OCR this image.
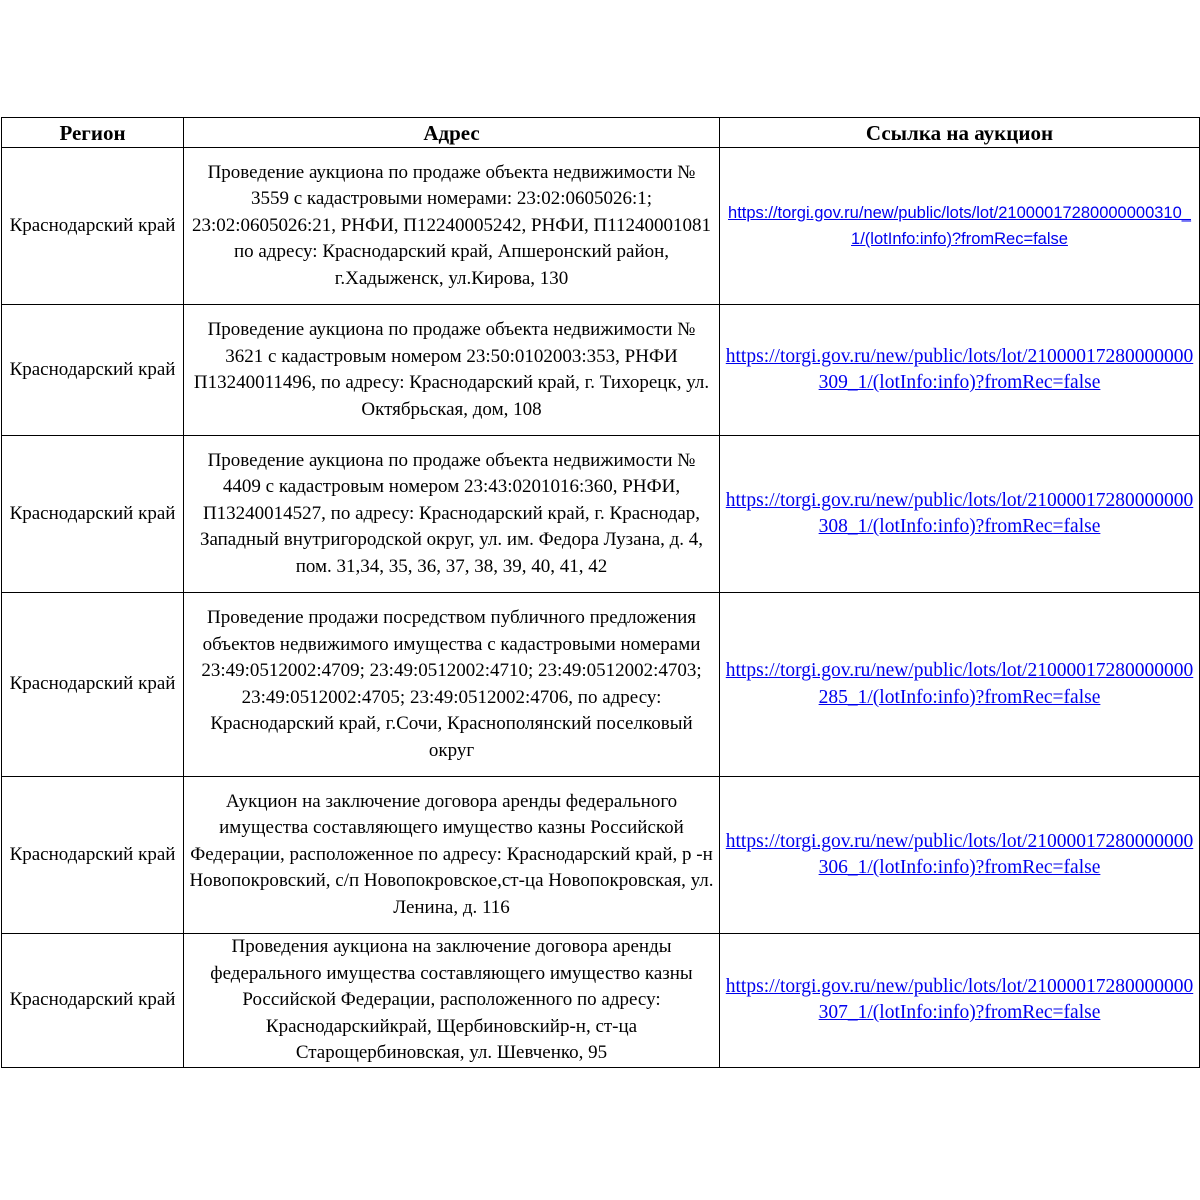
Регион	Адрес	Ссылка на аукцион
Краснодарский край	Проведение аукциона по продаже объекта недвижимости № 3559 с кадастровыми номерами: 23:02:0605026:1; 23:02:0605026:21, РНФИ, П12240005242, РНФИ, П11240001081 по адресу: Краснодарский край, Апшеронский район, г.Хадыженск, ул.Кирова, 130	https://torgi.gov.ru/new/public/lots/lot/21000017280000000310_1/(lotInfo:info)?fromRec=false
Краснодарский край	Проведение аукциона по продаже объекта недвижимости № 3621 с кадастровым номером 23:50:0102003:353, РНФИ П13240011496, по адресу: Краснодарский край, г. Тихорецк, ул. Октябрьская, дом, 108	https://torgi.gov.ru/new/public/lots/lot/21000017280000000309_1/(lotInfo:info)?fromRec=false
Краснодарский край	Проведение аукциона по продаже объекта недвижимости № 4409 с кадастровым номером 23:43:0201016:360, РНФИ, П13240014527, по адресу: Краснодарский край, г. Краснодар, Западный внутригородской округ, ул. им. Федора Лузана, д. 4, пом. 31,34, 35, 36, 37, 38, 39, 40, 41, 42	https://torgi.gov.ru/new/public/lots/lot/21000017280000000308_1/(lotInfo:info)?fromRec=false
Краснодарский край	Проведение продажи посредством публичного предложения объектов недвижимого имущества с кадастровыми номерами 23:49:0512002:4709; 23:49:0512002:4710; 23:49:0512002:4703; 23:49:0512002:4705; 23:49:0512002:4706, по адресу: Краснодарский край, г.Сочи, Краснополянский поселковый округ	https://torgi.gov.ru/new/public/lots/lot/21000017280000000285_1/(lotInfo:info)?fromRec=false
Краснодарский край	Аукцион на заключение договора аренды федерального имущества составляющего имущество казны Российской Федерации, расположенное по адресу: Краснодарский край, р -н Новопокровский, с/п Новопокровское,ст-ца Новопокровская, ул. Ленина, д. 116	https://torgi.gov.ru/new/public/lots/lot/21000017280000000306_1/(lotInfo:info)?fromRec=false
Краснодарский край	Проведения аукциона на заключение договора аренды федерального имущества составляющего имущество казны Российской Федерации, расположенного по адресу: Краснодарскийкрай, Щербиновскийр-н, ст-ца Старощербиновская, ул. Шевченко, 95	https://torgi.gov.ru/new/public/lots/lot/21000017280000000307_1/(lotInfo:info)?fromRec=false
